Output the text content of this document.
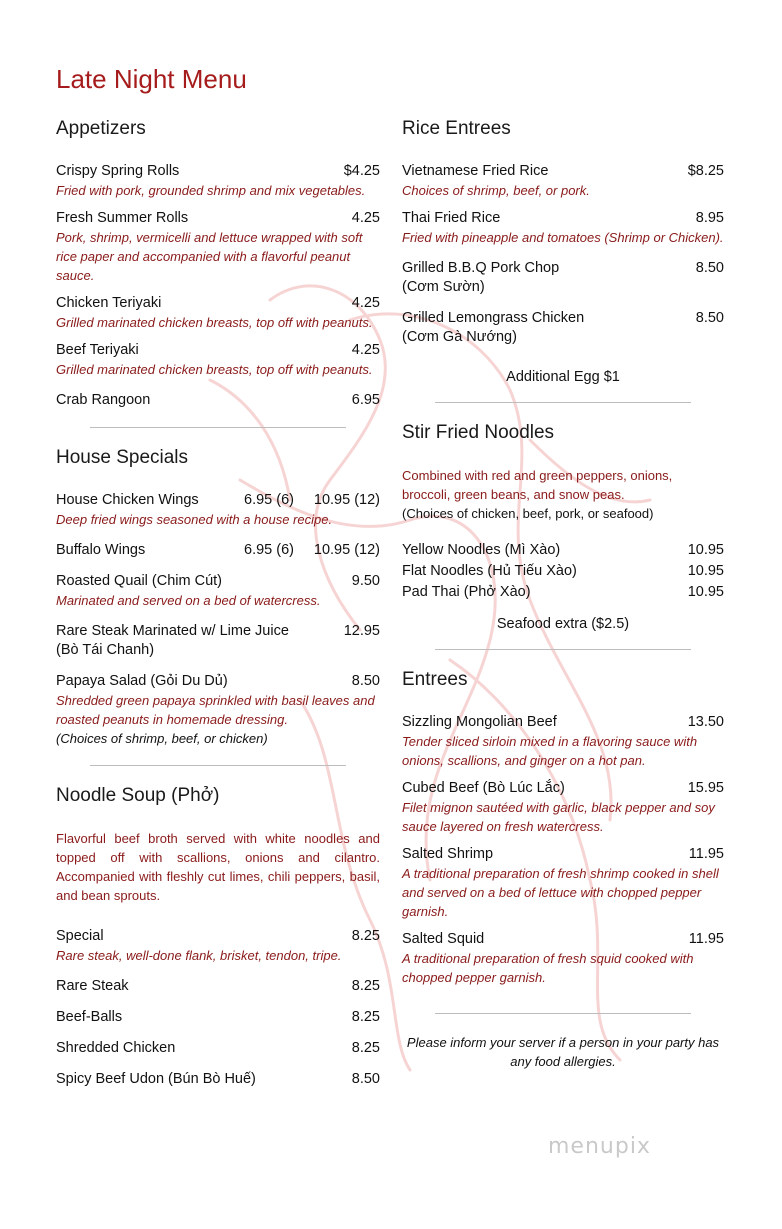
Late Night Menu
Appetizers
Crispy Spring Rolls	$4.25
Fried with pork, grounded shrimp and mix vegetables.
Fresh Summer Rolls	4.25
Pork, shrimp, vermicelli and lettuce wrapped with soft rice paper and accompanied with a flavorful peanut sauce.
Chicken Teriyaki	4.25
Grilled marinated chicken breasts, top off with peanuts.
Beef Teriyaki	4.25
Grilled marinated chicken breasts, top off with peanuts.
Crab Rangoon	6.95
House Specials
House Chicken Wings	6.95 (6) 10.95 (12)
Deep fried wings seasoned with a house recipe.
Buffalo Wings	6.95 (6) 10.95 (12)
Roasted Quail (Chim Cút)	9.50
Marinated and served on a bed of watercress.
Rare Steak Marinated w/ Lime Juice	12.95
(Bò Tái Chanh)
Papaya Salad (Gỏi Du Dủ)	8.50
Shredded green papaya sprinkled with basil leaves and roasted peanuts in homemade dressing.
(Choices of shrimp, beef, or chicken)
Noodle Soup (Phở)
Flavorful beef broth served with white noodles and topped off with scallions, onions and cilantro. Accompanied with fleshly cut limes, chili peppers, basil, and bean sprouts.
Special	8.25
Rare steak, well-done flank, brisket, tendon, tripe.
Rare Steak	8.25
Beef-Balls	8.25
Shredded Chicken	8.25
Spicy Beef Udon (Bún Bò Huế)	8.50
Rice Entrees
Vietnamese Fried Rice	$8.25
Choices of shrimp, beef, or pork.
Thai Fried Rice	8.95
Fried with pineapple and tomatoes (Shrimp or Chicken).
Grilled B.B.Q Pork Chop	8.50
(Cơm Sườn)
Grilled Lemongrass Chicken	8.50
(Cơm Gà Nướng)
Additional Egg $1
Stir Fried Noodles
Combined with red and green peppers, onions, broccoli, green beans, and snow peas.
(Choices of chicken, beef, pork, or seafood)
Yellow Noodles (Mì Xào)	10.95
Flat Noodles (Hủ Tiếu Xào)	10.95
Pad Thai (Phở Xào)	10.95
Seafood extra ($2.5)
Entrees
Sizzling Mongolian Beef	13.50
Tender sliced sirloin mixed in a flavoring sauce with onions, scallions, and ginger on a hot pan.
Cubed Beef (Bò Lúc Lắc)	15.95
Filet mignon sautéed with garlic, black pepper and soy sauce layered on fresh watercress.
Salted Shrimp	11.95
A traditional preparation of fresh shrimp cooked in shell and served on a bed of lettuce with chopped pepper garnish.
Salted Squid	11.95
A traditional preparation of fresh squid cooked with chopped pepper garnish.
Please inform your server if a person in your party has any food allergies.
menupix
